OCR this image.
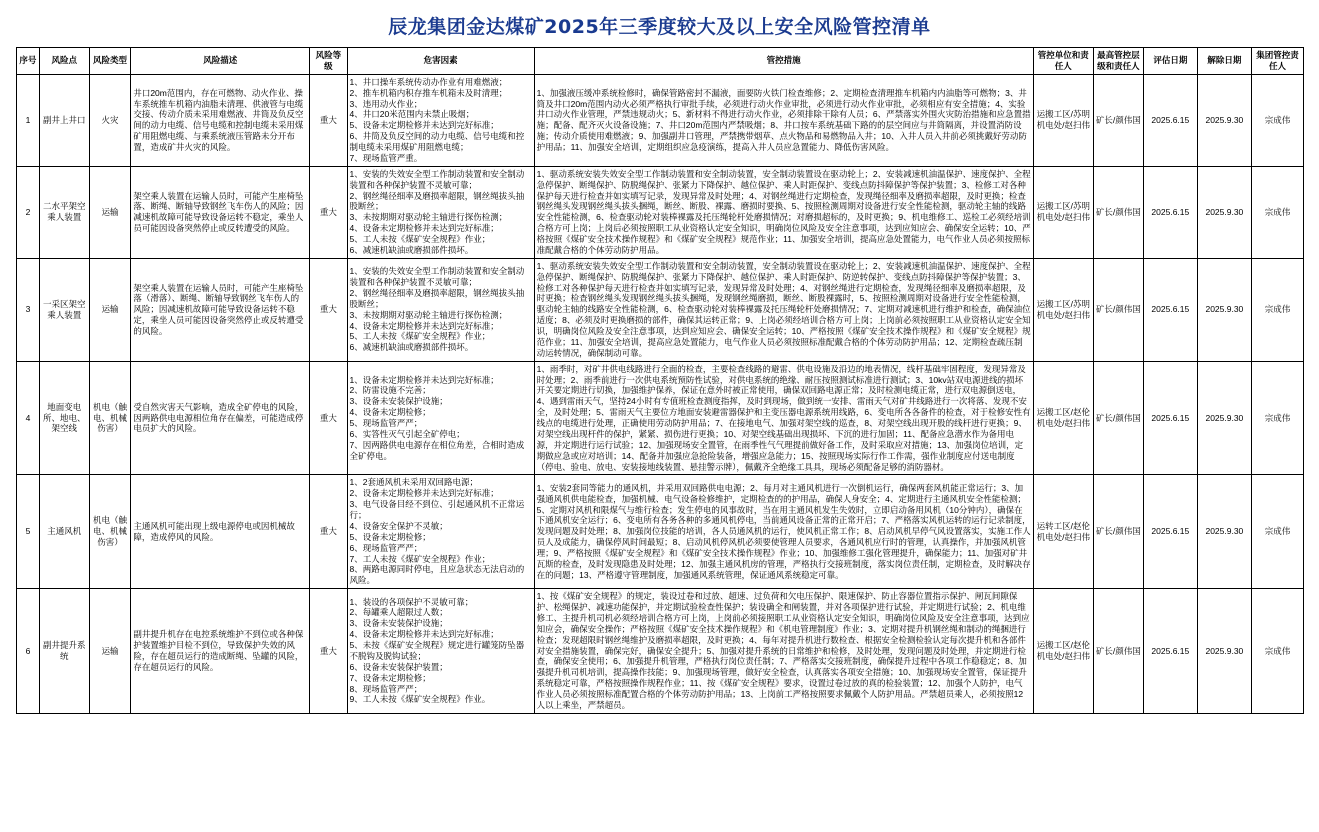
辰龙集团金达煤矿2025年三季度较大及以上安全风险管控清单
序号	风险点	风险类型	风险描述	风险等级	危害因素	管控措施	管控单位和责任人	最高管控层级和责任人	评估日期	解除日期	集团管控责任人
1	副井上井口	火灾	井口20m范围内，存在可燃物、动火作业、操车系统推车机箱内油脂未清理、供液管与电缆交接、传动介质未采用难燃液、井筒及负反空间的动力电缆、信号电缆和控制电缆未采用煤矿用阻燃电缆、与乘系统液压管路未分开布置，造成矿井火灾的风险。	重大	1、井口操车系统传动办作业有用难燃液；
2、推车机箱内积存推车机箱未及时清理；
3、违用动火作业；
4、井口20米范围内未禁止吸烟；
5、设备未定期检修并未达到完好标准；
6、井筒及负反空间的动力电缆、信号电缆和控制电缆未采用煤矿用阻燃电缆；
7、现场监管严重。	1、加强液压缓冲系统检修时，确保管路密封不漏液，面要防火铁门检查维修；2、定期检查清理推车机箱内内油脂等可燃物；3、井筒及井口20m范围内动火必须严格执行审批手续，必须进行动火作业审批，必须进行动火作业审批，必须相应有安全措施；4、实验井口动火作业管理，严禁违规动火；5、新材料不得进行动火作业，必须排除干除有人员；6、严禁落实外围火灾防治措施和应急置措施；配备、配齐灭火设备设施；7、井口20m范围内严禁吸烟；8、井口按车系统基础下路的的层空间应与井筒隔离，并设置消防设施；传动介质使用难燃液；9、加强副井口管理，严禁携带烟草、点火物品和易燃物品入井；10、入井人员入井前必须挑戴好劳动防护用品；11、加强安全培训，定期组织应急疫演练，提高入井人员应急置能力、降低伤害风险。	运搬工区/苏明机电处/赵扫伟	矿长/颜伟国	2025.6.15	2025.9.30	宗成伟
2	二水平架空乘人装置	运输	架空乘人装置在运输人员时，可能产生座椅坠落、断绳、断轴导致钢丝飞车伤人的风险；因减速机故障可能导致设备运转不稳定，乘坐人员可能因设备突然停止或反转遭受的风险。	重大	1、安装的失效安全型工作制动装置和安全制动装置和各种保护装置不灵敏可靠；
2、钢丝绳径细率及磨损率超限，钢丝绳拔头抽股断丝；
3、未按期期对驱动轮主轴进行探伤检测；
4、设备未定期检修并未达到完好标准；
5、工人未按《煤矿安全规程》作业；
6、减速机缺油或磨损部件损坏。	1、驱动系统安装失效安全型工作制动装置和安全制动装置，安全制动装置设在驱动轮上；2、安装减速机油温保护、速度保护、全程急停保护、断绳保护、防脱绳保护、张紧力下降保护、越位保护、乘人时距保护、变线点防抖障保护等保护装置；3、检修工对各种保护每天进行检查并如实填写记录，发现异常及时处理；4、对钢丝绳进行定期检查，发现绳径细率及磨损率超限，及时更换；检查钢丝绳头发现钢丝绳头拔头捆绳，断丝、断股、裸露、磨损时要换、5、按照检测周期对设备进行安全性能检测，驱动轮主轴的线路安全性能检测，6、检查驱动轮对装棒裸露及托压绳轮杆处磨损情况；对磨损超标的，及时更换；9、机电维修工、巡检工必须经培训合格方可上岗；上岗后必须按照职工从业资格认定安全知识，明确岗位风险及安全注意事项，达到应知应会、确保安全运转；10、严格按照《煤矿安全技术操作规程》和《煤矿安全规程》规范作业；11、加强安全培训，提高应急处置能力，电气作业人员必须按照标准配戴合格的个体劳动防护用品。	运搬工区/苏明机电处/赵扫伟	矿长/颜伟国	2025.6.15	2025.9.30	宗成伟
3	一采区架空乘人装置	运输	架空乘人装置在运输人员时，可能产生座椅坠落（滑落）、断绳、断轴导致钢丝飞车伤人的风险；因减速机故障可能导致设备运转不稳定，乘坐人员可能因设备突然停止或反转遭受的风险。	重大	1、安装的失效安全型工作制动装置和安全制动装置和各种保护装置不灵敏可靠；
2、钢丝绳径细率及磨损率超限，钢丝绳拔头抽股断丝；
3、未按期期对驱动轮主轴进行探伤检测；
4、设备未定期检修并未达到完好标准；
5、工人未按《煤矿安全规程》作业；
6、减速机缺油或磨损部件损坏。	1、驱动系统安装失效安全型工作制动装置和安全制动装置，安全制动装置设在驱动轮上；2、安装减速机油温保护、速度保护、全程急停保护、断绳保护、防脱绳保护、张紧力下降保护、越位保护、乘人时距保护、防逆转保护、变线点防抖障保护等保护装置；3、检修工对各种保护每天进行检查并如实填写记录，发现异常及时处理；4、对钢丝绳进行定期检查，发现绳径细率及磨损率超限，及时更换；检查钢丝绳头发现钢丝绳头拔头捆绳，发现钢丝绳磨损，断丝、断股裸露时，5、按照检测周期对设备进行安全性能检测，驱动轮主轴的线路安全性能检测，6、检查驱动轮对装棒裸露及托压绳轮杆处磨损情况；7、定期对减速机进行维护和检查，确保油位适度；8、必须及时更换磨损的部件，确保其运转正常；9、上岗必须经培训合格方可上岗；上岗前必须按照职工从业资格认定安全知识，明确岗位风险及安全注意事项，达到应知应会、确保安全运转；10、严格按照《煤矿安全技术操作规程》和《煤矿安全规程》规范作业；11、加强安全培训，提高应急处置能力，电气作业人员必须按照标准配戴合格的个体劳动防护用品；12、定期检查疏压制动运转情况，确保制动可靠。	运搬工区/苏明机电处/赵扫伟	矿长/颜伟国	2025.6.15	2025.9.30	宗成伟
4	地面变电所、地电、架空线	机电（触电、机械伤害）	受自然灾害天气影响，造成全矿停电的风险，因两路供电电源相位角存在偏差，可能造成停电员扩大的风险。	重大	1、设备未定期检修并未达到完好标准；
2、防雷设施不完善；
3、设备未安装保护设施；
4、设备未定期检修；
5、现场监管严严；
6、实答性灭气引起全矿停电；
7、因两路供电电源存在相位角差，合相时造成全矿停电。	1、雨季时，对矿井供电线路进行全面的检查，主要检查线路的避雷、供电设施及沿边的地表情况，线杆基础牢固程度，发现异常及时处理；2、雨季前进行一次供电系统预防性试验，对供电系统的绝缘、耐压按照测试标准进行测试；3、10kv站双电源进线的损坏开关要定期进行切换，加强维护保养，保证在意外时被正常使用，确保双回路电源正常；及时检测电缆正常，进行双电源倒送电，4、遇到雷雨天气，坚持24小时有专值班检查测度指挥，及时到现场，做到统一安排、雷雨天气对矿井线路进行一次将落、发现不安全，及时处理；5、雷雨天气主要位方地面安装避雷器保护和主变压器电源系统用线路，6、变电所各各备件的检查，对于检修安性有线点的电缆进行处理，正确使用劳动防护用品；7、在接地电气、加强对架空线的巡查，8、对架空线出现开股的线杆进行更换；9、对架空线出现杆件的保护，紧紧、损伤进行更换；10、对架空线基础出现损坏、下沉的进行加固；11、配备应急潜水作为备用电源，并定期进行运行试验；12、加强现场安全置管，在雨季性气气理提前做好备工作，及时采取应对措施；13、加强岗位培训，定期做应急或应对培训；14、配备并加强应急抢险装备，增强应急能力；15、按照现场实际行作工作需，强作业制度应付送电制度（停电、验电、放电、安装接地线装置、悬挂警示牌），佩戴齐全绝缘工具具，现场必须配备足够的消防器材。	运搬工区/赵伦机电处/赵扫伟	矿长/颜伟国	2025.6.15	2025.9.30	宗成伟
5	主通风机	机电（触电、机械伤害）	主通风机可能出现上级电源停电或因机械故障，造成停风的风险。	重大	1、2套通风机未采用双回路电源；
2、设备未定期检修并未达到完好标准；
3、电气设备目经不到位、引起通风机不正常运行；
4、设备安全保护不灵敏；
5、设备未定期检修；
6、现场监管严严；
7、工人未按《煤矿安全规程》作业；
8、两路电源同时停电，且应急状态无法启动的风险。	1、安装2套同等能力的通风机，并采用双回路供电电源；2、每月对主通风机进行一次倒机运行，确保两套风机能正常运行；3、加强通风机供电能检查，加强机械、电气设备检修维护，定期检查的的护用品，确保人身安全；4、定期进行主通风机安全性能检测；5、定期对风机和限煤气与维行检查；发生停电的风事故时，当在用主通风机发生失效时，立即启动备用风机（10分钟内），确保在下通风机安全运行；6、变电所有各务各种的多通风机停电，当前通风设备正常的正常开启；7、严格落实风机运转的运行记录制度，发现问题及时处理；8、加强岗位技能的培训，各人员通风机的运行，使风机正常工作；8、启动风机早停气风设置落实，实施工作人员人及成能力，确保停风时间最短；8、启动风机停风机必须要使管理人员要求，各通风机应行时的管理，认真操作，并加强风机管理；9、严格按照《煤矿安全规程》和《煤矿安全技术操作规程》作业；10、加强维修工强化管理提升，确保能力；11、加强对矿井瓦斯的检查，及时发现隐患及时处理；12、加强主通风机房的管理，严格执行交接班制度，落实岗位责任制，定期检查，及时解决存在的问题；13、严格遵守管理制度，加强通风系统管理，保证通风系统稳定可靠。	运转工区/赵伦机电处/赵扫伟	矿长/颜伟国	2025.6.15	2025.9.30	宗成伟
6	副井提升系统	运输	副井提升机存在电控系统维护不到位或各种保护装置维护目检不到位，导致保护失效的风险，存在超员运行的造成断绳、坠罐的风险，存在超员运行的风险。	重大	1、装设的各项保护不灵敏可靠；
2、每罐乘人超限过人数；
3、设备未安装保护设施；
4、设备未定期检修并未达到完好标准；
5、未按《煤矿安全规程》规定进行罐笼防坠器不脱钩及脱钩试验；
6、设备未安装保护装置；
7、设备未定期检修；
8、现场监管严严；
9、工人未按《煤矿安全规程》作业。	1、按《煤矿安全规程》的规定，装设过卷和过放、超速、过负荷和欠电压保护、限速保护、防止容器位置指示保护、闸瓦间隙保护、松绳保护、减速功能保护，并定期试验检查性保护；装设确全和闸装置，并对各项保护进行试验，并定期进行试验；2、机电维修工、主提升机司机必须经培训合格方可上岗，上岗前必须接照职工从业资格认定安全知识，明确岗位风险及安全注意事项，达到应知应会，确保安全操作；严格按照《煤矿安全技术操作规程》和《机电管理制度》作业；3、定期对提升机钢丝绳和制动的绳捆进行检查；发现超限时钢丝绳维护及磨损率超限，及时更换；4、每年对提升机进行数检查、根据安全检测检验认定每次提升机和各部件对安全措施装置，确保完好，确保安全提升；5、加强对提升系统的日常维护和检修，及时处理，发现问题及时处理，并定期进行检查，确保安全使用；6、加强提升机管理，严格执行岗位责任制；7、严格落实交接班制度，确保提升过程中各项工作稳稳定；8、加强提升机司机培训，提高操作技能；9、加强现场管理，做好安全检查，认真落实各项安全措施；10、加强现场安全置管，保证提升系统稳定可靠，严格按照操作规程作业；11、按《煤矿安全规程》要求，设置过卷过放的真的检验装置；12、加强个人防护，电气作业人员必须按照标准配置合格的个体劳动防护用品；13、上岗前工严格按照要求佩戴个人防护用品。严禁超员乘人，必须按照12人以上乘坐，严禁超员。	运搬工区/赵伦机电处/赵扫伟	矿长/颜伟国	2025.6.15	2025.9.30	宗成伟
